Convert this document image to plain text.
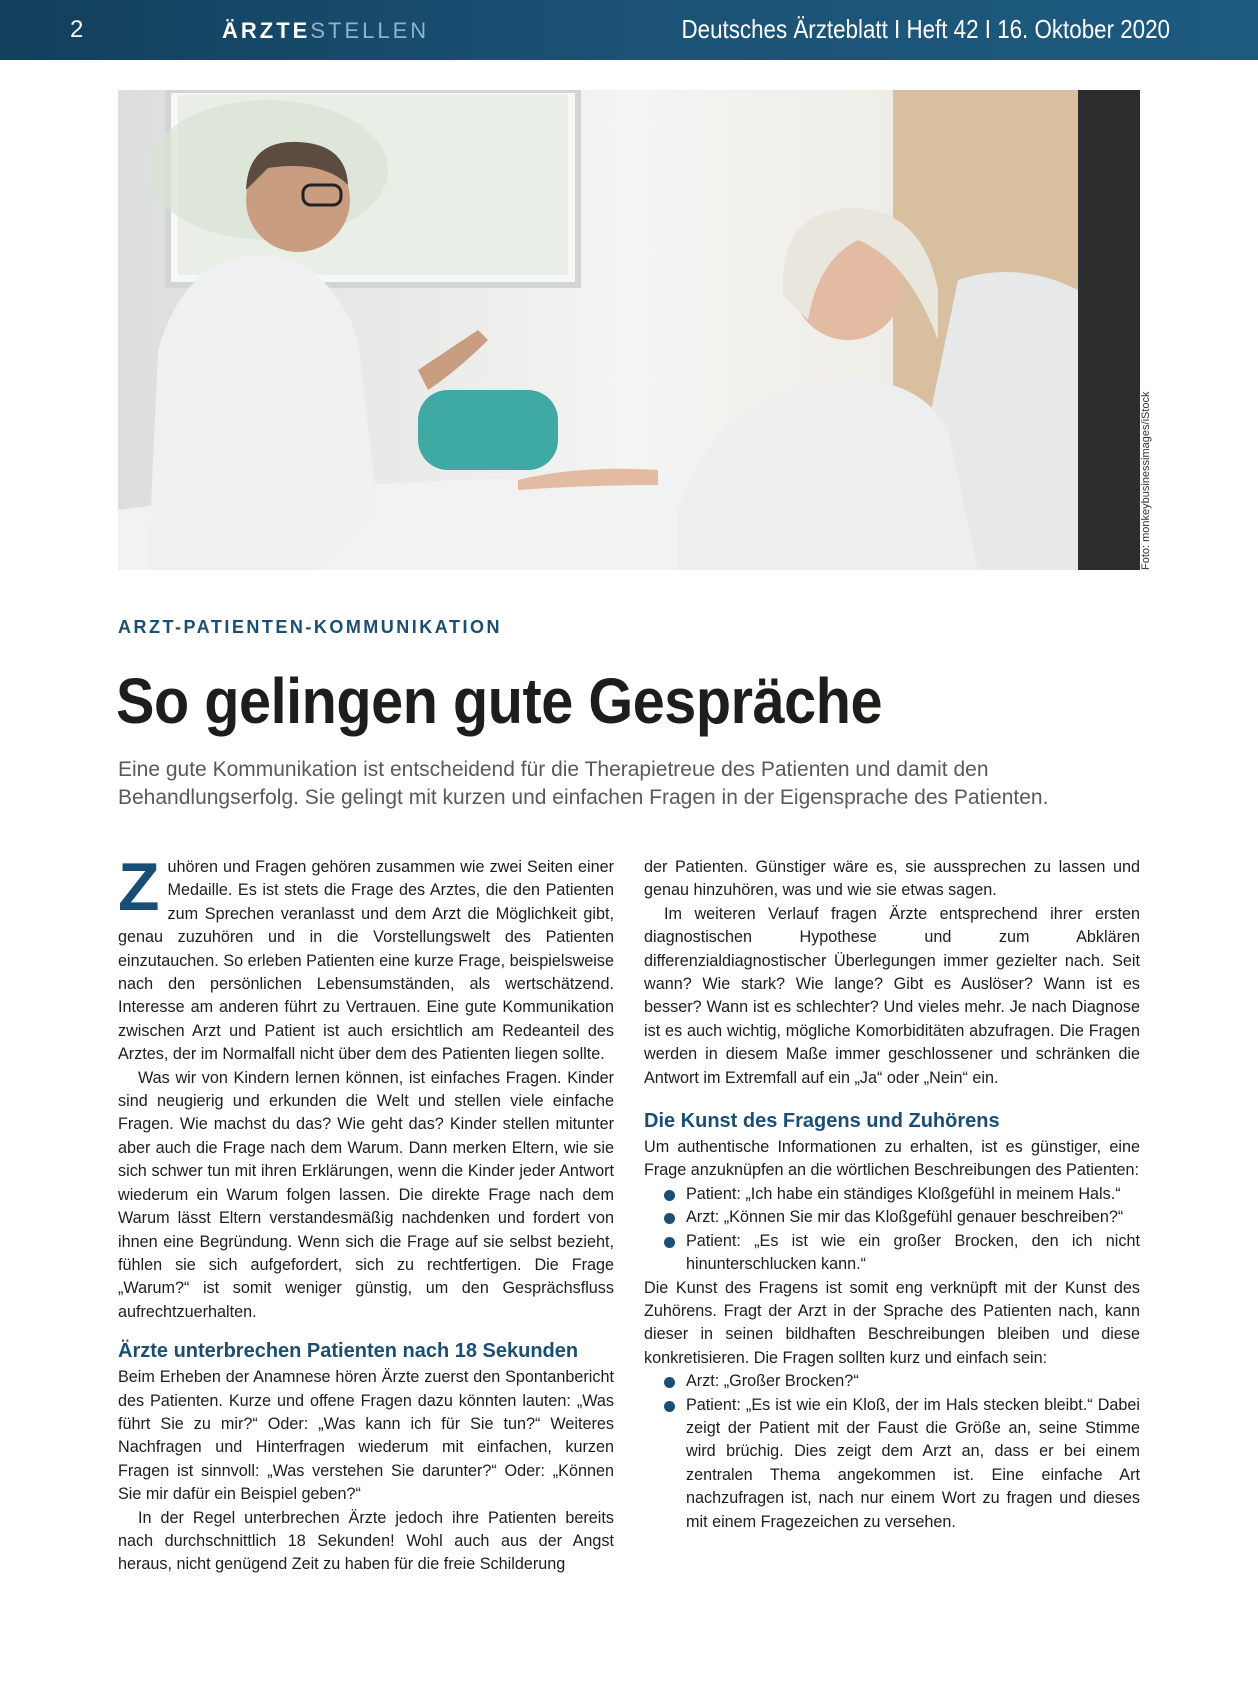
2	ÄRZTESTELLEN	Deutsches Ärzteblatt I Heft 42 I 16. Oktober 2020
Foto: monkeybusinessimages/iStock
ARZT-PATIENTEN-KOMMUNIKATION
So gelingen gute Gespräche
Eine gute Kommunikation ist entscheidend für die Therapietreue des Patienten und damit den Behandlungserfolg. Sie gelingt mit kurzen und einfachen Fragen in der Eigensprache des Patienten.

Zuhören und Fragen gehören zusammen wie zwei Seiten einer Medaille. Es ist stets die Frage des Arztes, die den Patienten zum Sprechen veranlasst und dem Arzt die Möglichkeit gibt, genau zuzuhören und in die Vorstellungswelt des Patienten einzutauchen. So erleben Patienten eine kurze Frage, beispielsweise nach den persönlichen Lebensumständen, als wertschätzend. Interesse am anderen führt zu Vertrauen. Eine gute Kommunikation zwischen Arzt und Patient ist auch ersichtlich am Redeanteil des Arztes, der im Normalfall nicht über dem des Patienten liegen sollte.

Was wir von Kindern lernen können, ist einfaches Fragen. Kinder sind neugierig und erkunden die Welt und stellen viele einfache Fragen. Wie machst du das? Wie geht das? Kinder stellen mitunter aber auch die Frage nach dem Warum. Dann merken Eltern, wie sie sich schwer tun mit ihren Erklärungen, wenn die Kinder jeder Antwort wiederum ein Warum folgen lassen. Die direkte Frage nach dem Warum lässt Eltern verstandesmäßig nachdenken und fordert von ihnen eine Begründung. Wenn sich die Frage auf sie selbst bezieht, fühlen sie sich aufgefordert, sich zu rechtfertigen. Die Frage „Warum?“ ist somit weniger günstig, um den Gesprächsfluss aufrechtzuerhalten.

Ärzte unterbrechen Patienten nach 18 Sekunden

Beim Erheben der Anamnese hören Ärzte zuerst den Spontanbericht des Patienten. Kurze und offene Fragen dazu könnten lauten: „Was führt Sie zu mir?“ Oder: „Was kann ich für Sie tun?“ Weiteres Nachfragen und Hinterfragen wiederum mit einfachen, kurzen Fragen ist sinnvoll: „Was verstehen Sie darunter?“ Oder: „Können Sie mir dafür ein Beispiel geben?“

In der Regel unterbrechen Ärzte jedoch ihre Patienten bereits nach durchschnittlich 18 Sekunden! Wohl auch aus der Angst heraus, nicht genügend Zeit zu haben für die freie Schilderung

der Patienten. Günstiger wäre es, sie aussprechen zu lassen und genau hinzuhören, was und wie sie etwas sagen.

Im weiteren Verlauf fragen Ärzte entsprechend ihrer ersten diagnostischen Hypothese und zum Abklären differenzialdiagnostischer Überlegungen immer gezielter nach. Seit wann? Wie stark? Wie lange? Gibt es Auslöser? Wann ist es besser? Wann ist es schlechter? Und vieles mehr. Je nach Diagnose ist es auch wichtig, mögliche Komorbiditäten abzufragen. Die Fragen werden in diesem Maße immer geschlossener und schränken die Antwort im Extremfall auf ein „Ja“ oder „Nein“ ein.

Die Kunst des Fragens und Zuhörens

Um authentische Informationen zu erhalten, ist es günstiger, eine Frage anzuknüpfen an die wörtlichen Beschreibungen des Patienten:

Patient: „Ich habe ein ständiges Kloßgefühl in meinem Hals.“
Arzt: „Können Sie mir das Kloßgefühl genauer beschreiben?“
Patient: „Es ist wie ein großer Brocken, den ich nicht hinunterschlucken kann.“

Die Kunst des Fragens ist somit eng verknüpft mit der Kunst des Zuhörens. Fragt der Arzt in der Sprache des Patienten nach, kann dieser in seinen bildhaften Beschreibungen bleiben und diese konkretisieren. Die Fragen sollten kurz und einfach sein:

Arzt: „Großer Brocken?“
Patient: „Es ist wie ein Kloß, der im Hals stecken bleibt.“ Dabei zeigt der Patient mit der Faust die Größe an, seine Stimme wird brüchig. Dies zeigt dem Arzt an, dass er bei einem zentralen Thema angekommen ist. Eine einfache Art nachzufragen ist, nach nur einem Wort zu fragen und dieses mit einem Fragezeichen zu versehen.
